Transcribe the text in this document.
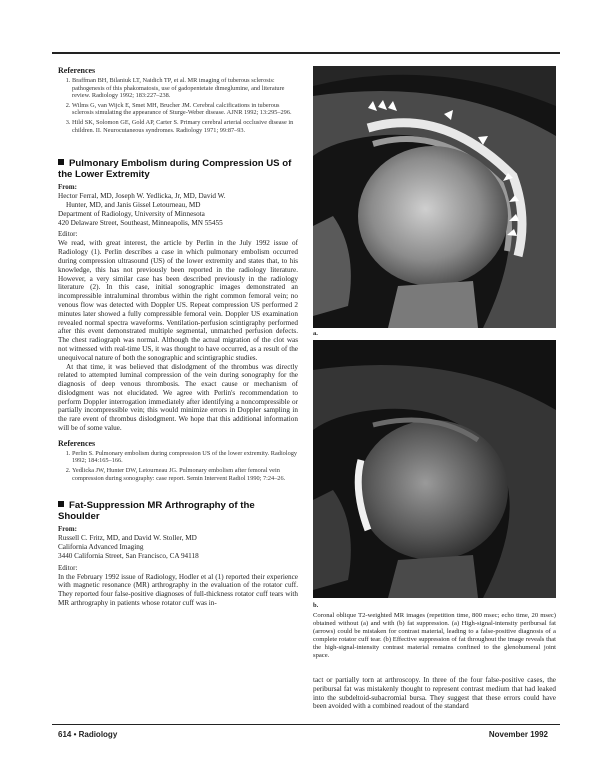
References
1. Braffman BH, Bilaniuk LT, Naidich TP, et al. MR imaging of tuberous sclerosis: pathogenesis of this phakomatosis, use of gadopentetate dimeglumine, and literature review. Radiology 1992; 183:227–238.
2. Wilms G, van Wijck E, Smet MH, Brucher JM. Cerebral calcifications in tuberous sclerosis simulating the appearance of Sturge-Weber disease. AJNR 1992; 13:295–296.
3. Hild SK, Solomon GE, Gold AP, Carter S. Primary cerebral arterial occlusive disease in children. II. Neurocutaneous syndromes. Radiology 1971; 99:87–93.
Pulmonary Embolism during Compression US of the Lower Extremity
From:

Hector Ferral, MD, Joseph W. Yedlicka, Jr, MD, David W.

Hunter, MD, and Janis Gissel Letourneau, MD

Department of Radiology, University of Minnesota

420 Delaware Street, Southeast, Minneapolis, MN 55455

Editor:

We read, with great interest, the article by Perlin in the July 1992 issue of Radiology (1). Perlin describes a case in which pulmonary embolism occurred during compression ultrasound (US) of the lower extremity and states that, to his knowledge, this has not previously been reported in the radiology literature. However, a very similar case has been described previously in the radiology literature (2). In this case, initial sonographic images demonstrated an incompressible intraluminal thrombus within the right common femoral vein; no venous flow was detected with Doppler US. Repeat compression US performed 2 minutes later showed a fully compressible femoral vein. Doppler US examination revealed normal spectra waveforms. Ventilation-perfusion scintigraphy performed after this event demonstrated multiple segmental, unmatched perfusion defects. The chest radiograph was normal. Although the actual migration of the clot was not witnessed with real-time US, it was thought to have occurred, as a result of the unequivocal nature of both the sonographic and scintigraphic studies.

At that time, it was believed that dislodgment of the thrombus was directly related to attempted luminal compression of the vein during sonography for the diagnosis of deep venous thrombosis. The exact cause or mechanism of dislodgment was not elucidated. We agree with Perlin's recommendation to perform Doppler interrogation immediately after identifying a noncompressible or partially incompressible vein; this would minimize errors in Doppler sampling in the rare event of thrombus dislodgment. We hope that this additional information will be of some value.

References
1. Perlin S. Pulmonary embolism during compression US of the lower extremity. Radiology 1992; 184:165–166.
2. Yedlicka JW, Hunter DW, Letourneau JG. Pulmonary embolism after femoral vein compression during sonography: case report. Semin Intervent Radiol 1990; 7:24–26.
Fat-Suppression MR Arthrography of the Shoulder
From:

Russell C. Fritz, MD, and David W. Stoller, MD

California Advanced Imaging

3440 California Street, San Francisco, CA 94118

Editor:

In the February 1992 issue of Radiology, Hodler et al (1) reported their experience with magnetic resonance (MR) arthrography in the evaluation of the rotator cuff. They reported four false-positive diagnoses of full-thickness rotator cuff tears with MR arthrography in patients whose rotator cuff was in-

a.
b.

Coronal oblique T2-weighted MR images (repetition time, 800 msec; echo time, 20 msec) obtained without (a) and with (b) fat suppression. (a) High-signal-intensity peribursal fat (arrows) could be mistaken for contrast material, leading to a false-positive diagnosis of a complete rotator cuff tear. (b) Effective suppression of fat throughout the image reveals that the high-signal-intensity contrast material remains confined to the glenohumeral joint space.

tact or partially torn at arthroscopy. In three of the four false-positive cases, the peribursal fat was mistakenly thought to represent contrast medium that had leaked into the subdeltoid-subacromial bursa. They suggest that these errors could have been avoided with a combined readout of the standard

614 • Radiology	November 1992
